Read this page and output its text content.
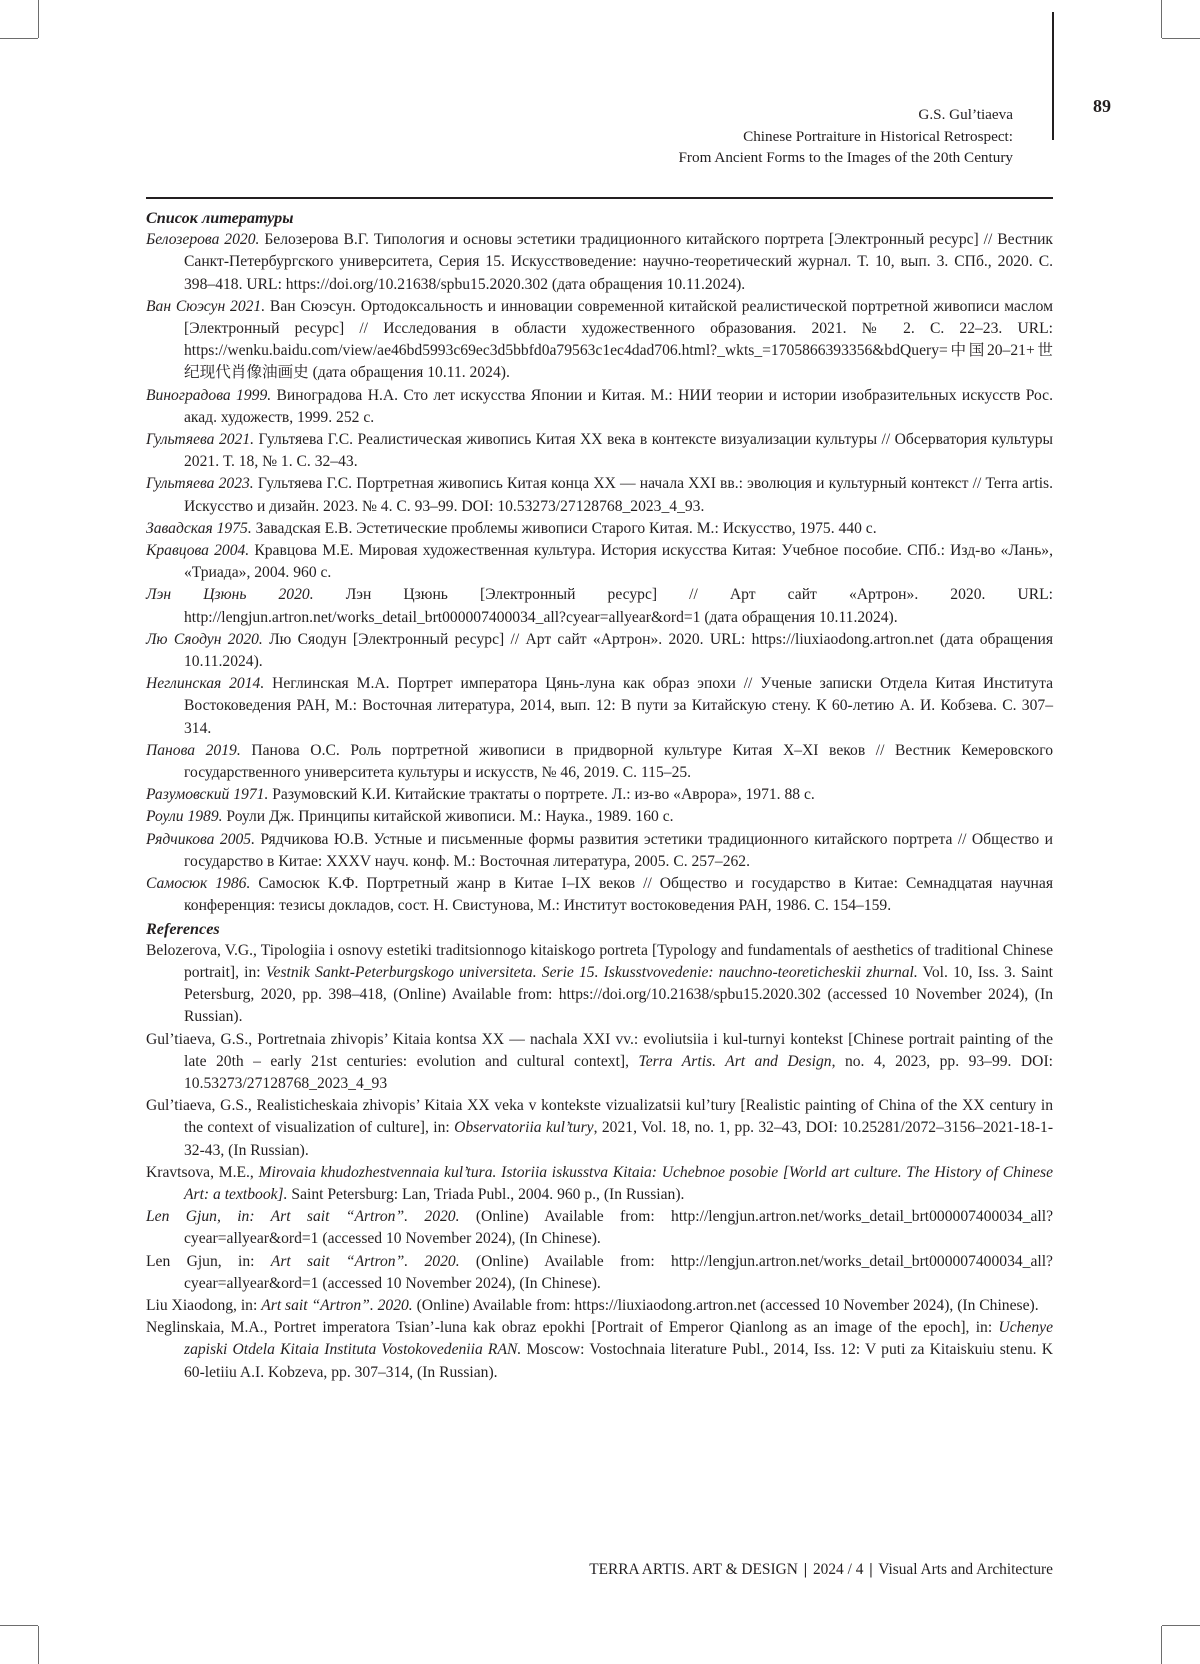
89
G.S. Gul’tiaeva
Chinese Portraiture in Historical Retrospect:
From Ancient Forms to the Images of the 20th Century
Список литературы
Белозерова 2020. Белозерова В.Г. Типология и основы эстетики традиционного китайского портрета [Электронный ресурс] // Вестник Санкт-Петербургского университета, Серия 15. Искусствоведение: научно-теоретический журнал. Т. 10, вып. 3. СПб., 2020. С. 398–418. URL: https://doi.org/10.21638/spbu15.2020.302 (дата обращения 10.11.2024).
Ван Сюэсун 2021. Ван Сюэсун. Ортодоксальность и инновации современной китайской реалистической портретной живописи маслом [Электронный ресурс] // Исследования в области художественного образования. 2021. № 2. С. 22–23. URL: https://wenku.baidu.com/view/ae46bd5993c69ec3d5bbfd0a79563c1ec4dad706.html?_wkts_=1705866393356&bdQuery=中国20–21+世纪现代肖像油画史 (дата обращения 10.11. 2024).
Виноградова 1999. Виноградова Н.А. Сто лет искусства Японии и Китая. М.: НИИ теории и истории изобразительных искусств Рос. акад. художеств, 1999. 252 с.
Гультяева 2021. Гультяева Г.С. Реалистическая живопись Китая XX века в контексте визуализации культуры // Обсерватория культуры 2021. Т. 18, № 1. С. 32–43.
Гультяева 2023. Гультяева Г.С. Портретная живопись Китая конца XX — начала XXI вв.: эволюция и культурный контекст // Terra artis. Искусство и дизайн. 2023. № 4. С. 93–99. DOI: 10.53273/27128768_2023_4_93.
Завадская 1975. Завадская Е.В. Эстетические проблемы живописи Старого Китая. М.: Искусство, 1975. 440 с.
Кравцова 2004. Кравцова М.Е. Мировая художественная культура. История искусства Китая: Учебное пособие. СПб.: Изд-во «Лань», «Триада», 2004. 960 с.
Лэн Цзюнь 2020. Лэн Цзюнь [Электронный ресурс] // Арт сайт «Артрон». 2020. URL: http://lengjun.artron.net/works_detail_brt000007400034_all?cyear=allyear&ord=1 (дата обращения 10.11.2024).
Лю Сяодун 2020. Лю Сяодун [Электронный ресурс] // Арт сайт «Артрон». 2020. URL: https://liuxiaodong.artron.net (дата обращения 10.11.2024).
Неглинская 2014. Неглинская М.А. Портрет императора Цянь-луна как образ эпохи // Ученые записки Отдела Китая Института Востоковедения РАН, М.: Восточная литература, 2014, вып. 12: В пути за Китайскую стену. К 60-летию А. И. Кобзева. С. 307–314.
Панова 2019. Панова О.С. Роль портретной живописи в придворной культуре Китая X–XI веков // Вестник Кемеровского государственного университета культуры и искусств, № 46, 2019. С. 115–25.
Разумовский 1971. Разумовский К.И. Китайские трактаты о портрете. Л.: из-во «Аврора», 1971. 88 с.
Роули 1989. Роули Дж. Принципы китайской живописи. М.: Наука., 1989. 160 с.
Рядчикова 2005. Рядчикова Ю.В. Устные и письменные формы развития эстетики традиционного китайского портрета // Общество и государство в Китае: XXXV науч. конф. М.: Восточная литература, 2005. С. 257–262.
Самосюк 1986. Самосюк К.Ф. Портретный жанр в Китае I–IX веков // Общество и государство в Китае: Семнадцатая научная конференция: тезисы докладов, сост. Н. Свистунова, М.: Институт востоковедения РАН, 1986. С. 154–159.
References
Belozerova, V.G., Tipologiia i osnovy estetiki traditsionnogo kitaiskogo portreta [Typology and fundamentals of aesthetics of traditional Chinese portrait], in: Vestnik Sankt-Peterburgskogo universiteta. Serie 15. Iskusstvovedenie: nauchno-teoreticheskii zhurnal. Vol. 10, Iss. 3. Saint Petersburg, 2020, pp. 398–418, (Online) Available from: https://doi.org/10.21638/spbu15.2020.302 (accessed 10 November 2024), (In Russian).
Gul’tiaeva, G.S., Portretnaia zhivopis’ Kitaia kontsa XX — nachala XXI vv.: evoliutsiia i kul-turnyi kontekst [Chinese portrait painting of the late 20th – early 21st centuries: evolution and cultural context], Terra Artis. Art and Design, no. 4, 2023, pp. 93–99. DOI: 10.53273/27128768_2023_4_93
Gul’tiaeva, G.S., Realisticheskaia zhivopis’ Kitaia XX veka v kontekste vizualizatsii kul’tury [Realistic painting of China of the XX century in the context of visualization of culture], in: Observatoriia kul’tury, 2021, Vol. 18, no. 1, pp. 32–43, DOI: 10.25281/2072–3156–2021-18-1-32-43, (In Russian).
Kravtsova, M.E., Mirovaia khudozhestvennaia kul’tura. Istoriia iskusstva Kitaia: Uchebnoe posobie [World art culture. The History of Chinese Art: a textbook]. Saint Petersburg: Lan, Triada Publ., 2004. 960 p., (In Russian).
Len Gjun, in: Art sait “Artron”. 2020. (Online) Available from: http://lengjun.artron.net/works_detail_brt000007400034_all?cyear=allyear&ord=1 (accessed 10 November 2024), (In Chinese).
Len Gjun, in: Art sait “Artron”. 2020. (Online) Available from: http://lengjun.artron.net/works_detail_brt000007400034_all?cyear=allyear&ord=1 (accessed 10 November 2024), (In Chinese).
Liu Xiaodong, in: Art sait “Artron”. 2020. (Online) Available from: https://liuxiaodong.artron.net (accessed 10 November 2024), (In Chinese).
Neglinskaia, M.A., Portret imperatora Tsian’-luna kak obraz epokhi [Portrait of Emperor Qianlong as an image of the epoch], in: Uchenye zapiski Otdela Kitaia Instituta Vostokovedeniia RAN. Moscow: Vostochnaia literature Publ., 2014, Iss. 12: V puti za Kitaiskuiu stenu. K 60-letiiu A.I. Kobzeva, pp. 307–314, (In Russian).
TERRA ARTIS. ART & DESIGN | 2024 / 4 | Visual Arts and Architecture
